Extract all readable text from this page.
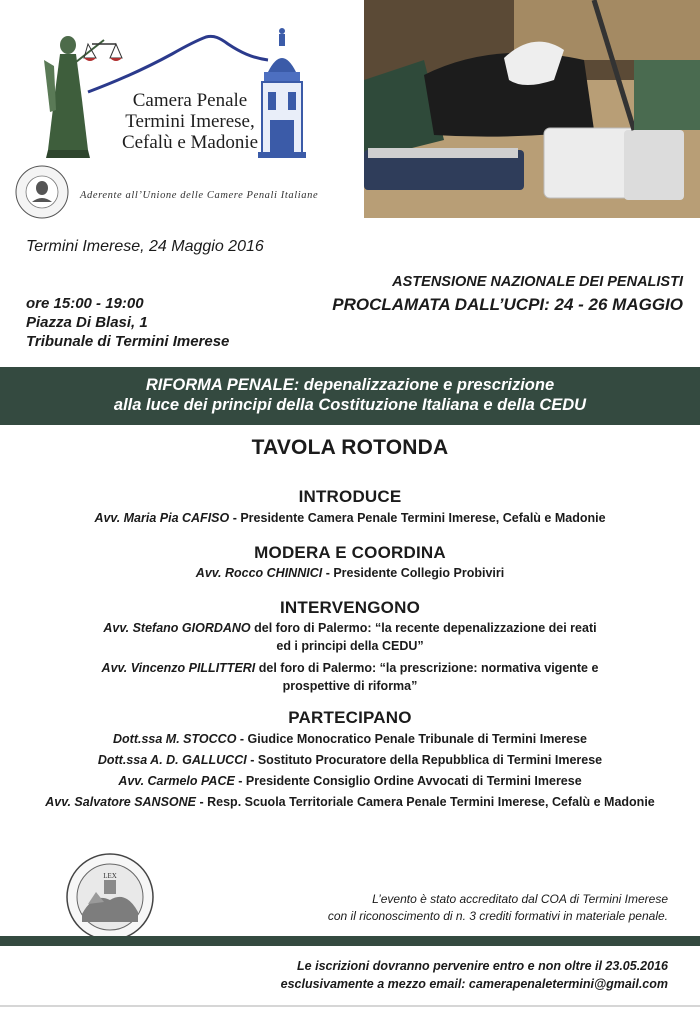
Camera Penale
Termini Imerese,
Cefalù e Madonie
Aderente all’Unione delle Camere Penali Italiane
Termini Imerese, 24 Maggio 2016
ASTENSIONE NAZIONALE DEI PENALISTI
PROCLAMATA DALL’UCPI: 24 - 26 MAGGIO
ore 15:00 - 19:00
Piazza Di Blasi, 1
Tribunale di Termini Imerese
RIFORMA PENALE: depenalizzazione e prescrizione
alla luce dei principi della Costituzione Italiana e della CEDU
TAVOLA ROTONDA
INTRODUCE
Avv. Maria Pia CAFISO - Presidente Camera Penale Termini Imerese, Cefalù e Madonie
MODERA E COORDINA
Avv. Rocco CHINNICI - Presidente Collegio Probiviri
INTERVENGONO
Avv. Stefano GIORDANO del foro di Palermo: “la recente depenalizzazione dei reati
ed i principi della CEDU”
Avv. Vincenzo PILLITTERI del foro di Palermo: “la prescrizione: normativa vigente e
prospettive di riforma”
PARTECIPANO
Dott.ssa M. STOCCO - Giudice Monocratico Penale Tribunale di Termini Imerese
Dott.ssa A. D. GALLUCCI - Sostituto Procuratore della Repubblica di Termini Imerese
Avv. Carmelo PACE - Presidente Consiglio Ordine Avvocati di Termini Imerese
Avv. Salvatore SANSONE - Resp. Scuola Territoriale Camera Penale Termini Imerese, Cefalù e Madonie
LEX
L’evento è stato accreditato dal COA di Termini Imerese
con il riconoscimento di n. 3 crediti formativi in materiale penale.
Le iscrizioni dovranno pervenire entro e non oltre il 23.05.2016
esclusivamente a mezzo email: camerapenaletermini@gmail.com
